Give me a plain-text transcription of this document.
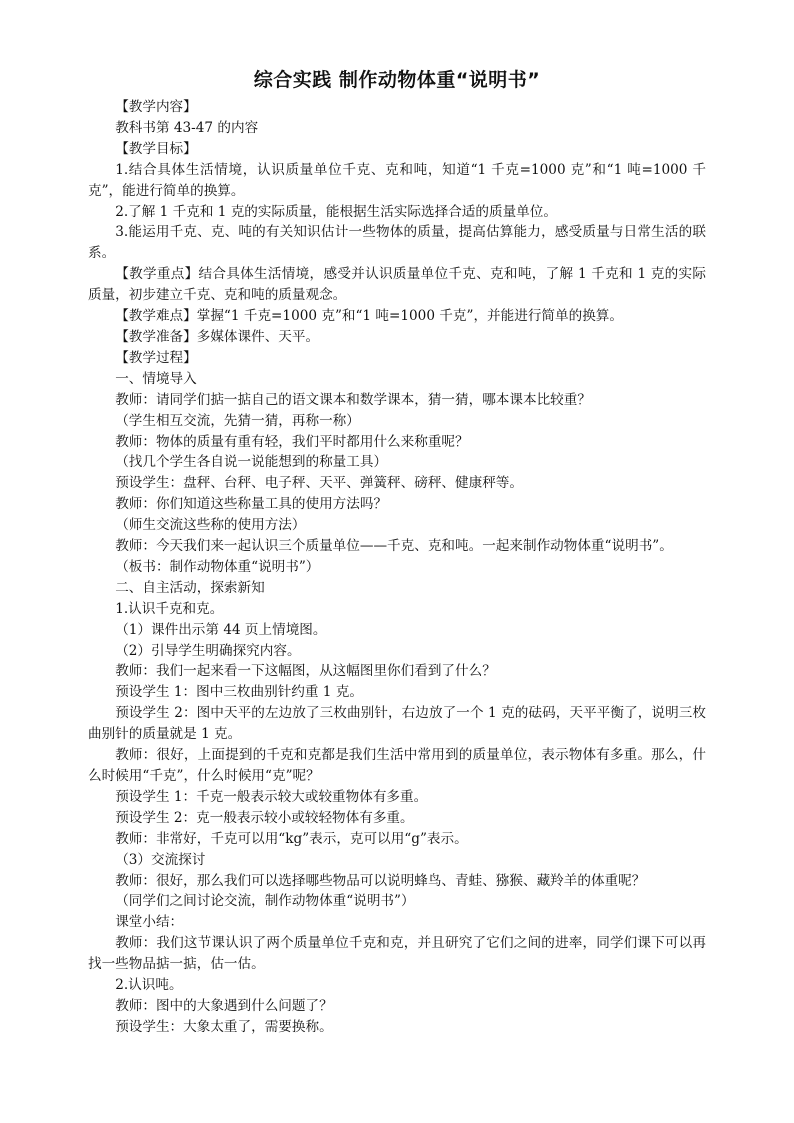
综合实践 制作动物体重“说明书”

【教学内容】

教科书第 43-47 的内容

【教学目标】

1.结合具体生活情境，认识质量单位千克、克和吨，知道“1 千克=1000 克”和“1 吨=1000 千克”，能进行简单的换算。

2.了解 1 千克和 1 克的实际质量，能根据生活实际选择合适的质量单位。

3.能运用千克、克、吨的有关知识估计一些物体的质量，提高估算能力，感受质量与日常生活的联系。

【教学重点】结合具体生活情境，感受并认识质量单位千克、克和吨，了解 1 千克和 1 克的实际质量，初步建立千克、克和吨的质量观念。

【教学难点】掌握“1 千克=1000 克”和“1 吨=1000 千克”，并能进行简单的换算。

【教学准备】多媒体课件、天平。

【教学过程】

一、情境导入

教师：请同学们掂一掂自己的语文课本和数学课本，猜一猜，哪本课本比较重？

（学生相互交流，先猜一猜，再称一称）

教师：物体的质量有重有轻，我们平时都用什么来称重呢？

（找几个学生各自说一说能想到的称量工具）

预设学生：盘秤、台秤、电子秤、天平、弹簧秤、磅秤、健康秤等。

教师：你们知道这些称量工具的使用方法吗？

（师生交流这些称的使用方法）

教师：今天我们来一起认识三个质量单位——千克、克和吨。一起来制作动物体重“说明书”。

（板书：制作动物体重“说明书”）

二、自主活动，探索新知

1.认识千克和克。

（1）课件出示第 44 页上情境图。

（2）引导学生明确探究内容。

教师：我们一起来看一下这幅图，从这幅图里你们看到了什么？

预设学生 1：图中三枚曲别针约重 1 克。

预设学生 2：图中天平的左边放了三枚曲别针，右边放了一个 1 克的砝码，天平平衡了，说明三枚曲别针的质量就是 1 克。

教师：很好，上面提到的千克和克都是我们生活中常用到的质量单位，表示物体有多重。那么，什么时候用“千克”，什么时候用“克”呢？

预设学生 1：千克一般表示较大或较重物体有多重。

预设学生 2：克一般表示较小或较轻物体有多重。

教师：非常好，千克可以用“kg”表示，克可以用“g”表示。

（3）交流探讨

教师：很好，那么我们可以选择哪些物品可以说明蜂鸟、青蛙、猕猴、藏羚羊的体重呢？

（同学们之间讨论交流，制作动物体重“说明书”）

课堂小结：

教师：我们这节课认识了两个质量单位千克和克，并且研究了它们之间的进率，同学们课下可以再找一些物品掂一掂，估一估。

2.认识吨。

教师：图中的大象遇到什么问题了？

预设学生：大象太重了，需要换称。
